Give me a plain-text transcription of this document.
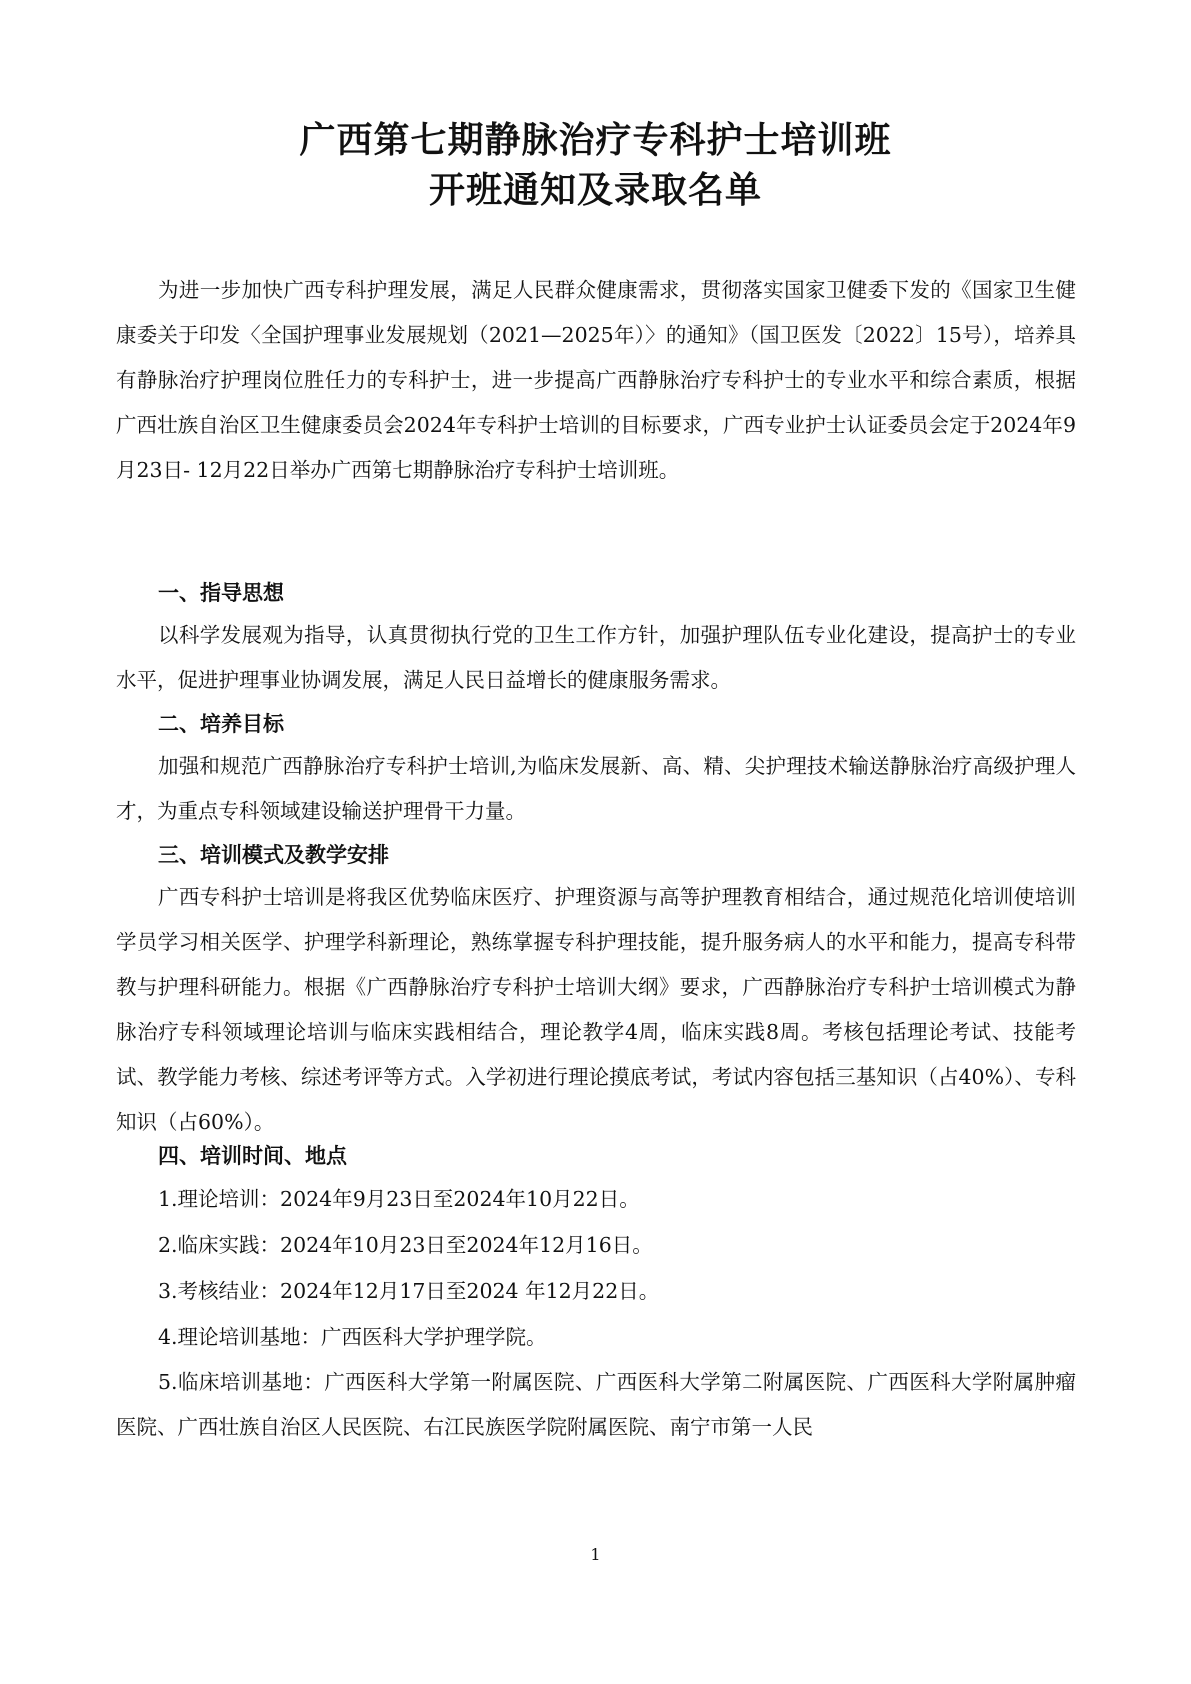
广西第七期静脉治疗专科护士培训班
开班通知及录取名单

为进一步加快广西专科护理发展，满足人民群众健康需求，贯彻落实国家卫健委下发的《国家卫生健康委关于印发〈全国护理事业发展规划（2021—2025年）〉的通知》（国卫医发〔2022〕15号），培养具有静脉治疗护理岗位胜任力的专科护士，进一步提高广西静脉治疗专科护士的专业水平和综合素质，根据广西壮族自治区卫生健康委员会2024年专科护士培训的目标要求，广西专业护士认证委员会定于2024年9月23日- 12月22日举办广西第七期静脉治疗专科护士培训班。

一、指导思想

以科学发展观为指导，认真贯彻执行党的卫生工作方针，加强护理队伍专业化建设，提高护士的专业水平，促进护理事业协调发展，满足人民日益增长的健康服务需求。

二、培养目标

加强和规范广西静脉治疗专科护士培训,为临床发展新、高、精、尖护理技术输送静脉治疗高级护理人才，为重点专科领域建设输送护理骨干力量。

三、培训模式及教学安排

广西专科护士培训是将我区优势临床医疗、护理资源与高等护理教育相结合，通过规范化培训使培训学员学习相关医学、护理学科新理论，熟练掌握专科护理技能，提升服务病人的水平和能力，提高专科带教与护理科研能力。根据《广西静脉治疗专科护士培训大纲》要求，广西静脉治疗专科护士培训模式为静脉治疗专科领域理论培训与临床实践相结合，理论教学4周，临床实践8周。考核包括理论考试、技能考试、教学能力考核、综述考评等方式。入学初进行理论摸底考试，考试内容包括三基知识（占40%）、专科知识（占60%）。

四、培训时间、地点

1.理论培训：2024年9月23日至2024年10月22日。

2.临床实践：2024年10月23日至2024年12月16日。

3.考核结业：2024年12月17日至2024 年12月22日。

4.理论培训基地：广西医科大学护理学院。

5.临床培训基地：广西医科大学第一附属医院、广西医科大学第二附属医院、广西医科大学附属肿瘤医院、广西壮族自治区人民医院、右江民族医学院附属医院、南宁市第一人民

1
